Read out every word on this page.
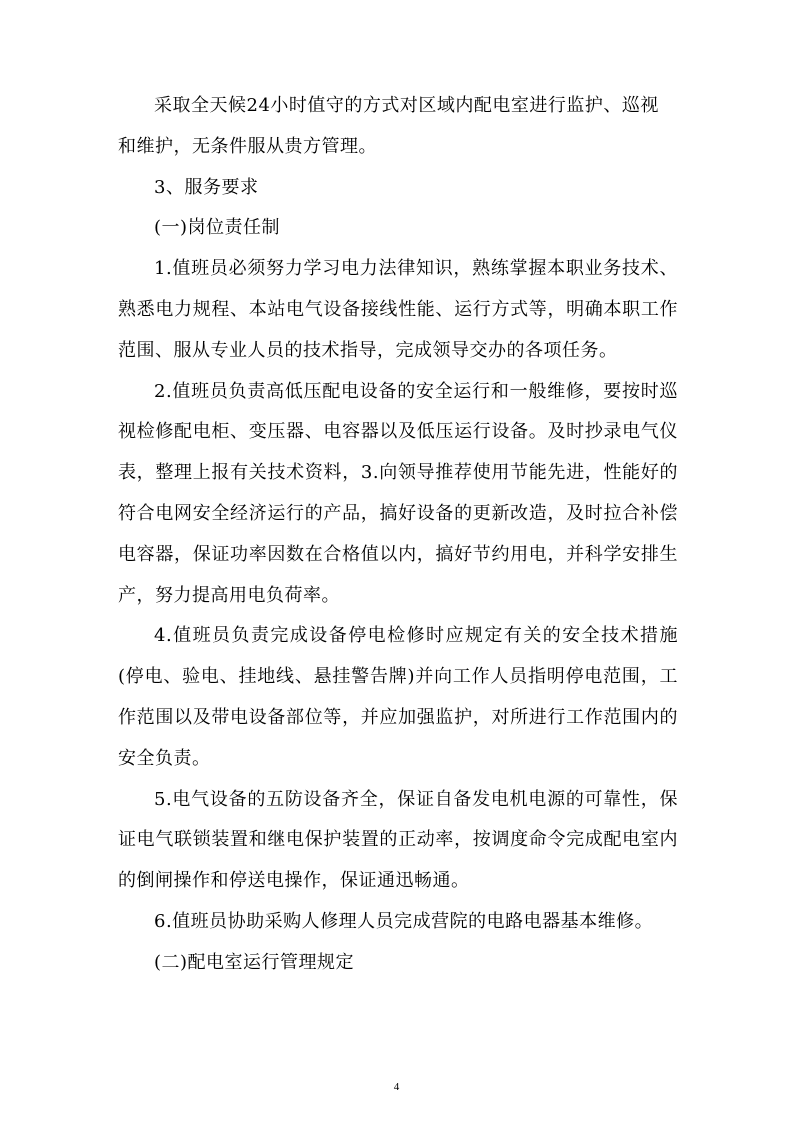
采取全天候24小时值守的方式对区域内配电室进行监护、巡视

和维护，无条件服从贵方管理。

3、服务要求

(一)岗位责任制

1.值班员必须努力学习电力法律知识，熟练掌握本职业务技术、熟悉电力规程、本站电气设备接线性能、运行方式等，明确本职工作范围、服从专业人员的技术指导，完成领导交办的各项任务。

2.值班员负责高低压配电设备的安全运行和一般维修，要按时巡视检修配电柜、变压器、电容器以及低压运行设备。及时抄录电气仪表，整理上报有关技术资料，3.向领导推荐使用节能先进，性能好的符合电网安全经济运行的产品，搞好设备的更新改造，及时拉合补偿电容器，保证功率因数在合格值以内，搞好节约用电，并科学安排生产，努力提高用电负荷率。

4.值班员负责完成设备停电检修时应规定有关的安全技术措施(停电、验电、挂地线、悬挂警告牌)并向工作人员指明停电范围，工作范围以及带电设备部位等，并应加强监护，对所进行工作范围内的安全负责。

5.电气设备的五防设备齐全，保证自备发电机电源的可靠性，保证电气联锁装置和继电保护装置的正动率，按调度命令完成配电室内的倒闸操作和停送电操作，保证通迅畅通。

6.值班员协助采购人修理人员完成营院的电路电器基本维修。

(二)配电室运行管理规定

4
